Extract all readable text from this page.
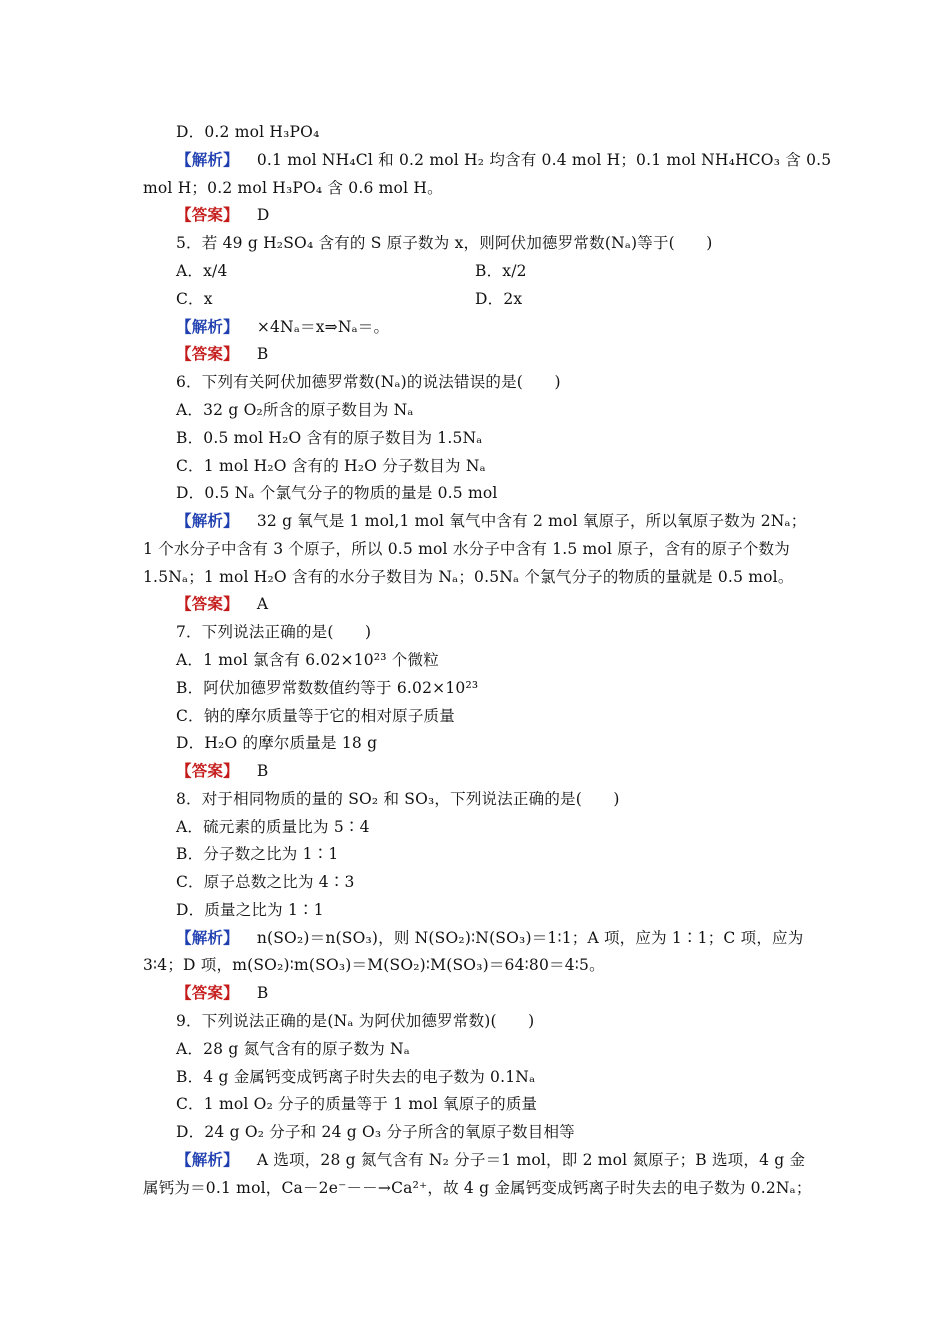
D．0.2 mol H₃PO₄
【解析】 0.1 mol NH₄Cl 和 0.2 mol H₂ 均含有 0.4 mol H；0.1 mol NH₄HCO₃ 含 0.5
mol H；0.2 mol H₃PO₄ 含 0.6 mol H。
【答案】 D
5．若 49 g H₂SO₄ 含有的 S 原子数为 x，则阿伏加德罗常数(Nₐ)等于(　　)
A．x/4	B．x/2
C．x	D．2x
【解析】 ×4Nₐ＝x⇒Nₐ＝。
【答案】 B
6．下列有关阿伏加德罗常数(Nₐ)的说法错误的是(　　)
A．32 g O₂所含的原子数目为 Nₐ
B．0.5 mol H₂O 含有的原子数目为 1.5Nₐ
C．1 mol H₂O 含有的 H₂O 分子数目为 Nₐ
D．0.5 Nₐ 个氯气分子的物质的量是 0.5 mol
【解析】 32 g 氧气是 1 mol,1 mol 氧气中含有 2 mol 氧原子，所以氧原子数为 2Nₐ；
1 个水分子中含有 3 个原子，所以 0.5 mol 水分子中含有 1.5 mol 原子，含有的原子个数为
1.5Nₐ；1 mol H₂O 含有的水分子数目为 Nₐ；0.5Nₐ 个氯气分子的物质的量就是 0.5 mol。
【答案】 A
7．下列说法正确的是(　　)
A．1 mol 氯含有 6.02×10²³ 个微粒
B．阿伏加德罗常数数值约等于 6.02×10²³
C．钠的摩尔质量等于它的相对原子质量
D．H₂O 的摩尔质量是 18 g
【答案】 B
8．对于相同物质的量的 SO₂ 和 SO₃，下列说法正确的是(　　)
A．硫元素的质量比为 5∶4
B．分子数之比为 1∶1
C．原子总数之比为 4∶3
D．质量之比为 1∶1
【解析】 n(SO₂)＝n(SO₃)，则 N(SO₂)∶N(SO₃)＝1∶1；A 项，应为 1∶1；C 项，应为
3∶4；D 项，m(SO₂)∶m(SO₃)＝M(SO₂)∶M(SO₃)＝64∶80＝4∶5。
【答案】 B
9．下列说法正确的是(Nₐ 为阿伏加德罗常数)(　　)
A．28 g 氮气含有的原子数为 Nₐ
B．4 g 金属钙变成钙离子时失去的电子数为 0.1Nₐ
C．1 mol O₂ 分子的质量等于 1 mol 氧原子的质量
D．24 g O₂ 分子和 24 g O₃ 分子所含的氧原子数目相等
【解析】 A 选项，28 g 氮气含有 N₂ 分子＝1 mol，即 2 mol 氮原子；B 选项，4 g 金
属钙为＝0.1 mol，Ca－2e⁻－－→Ca²⁺，故 4 g 金属钙变成钙离子时失去的电子数为 0.2Nₐ；
